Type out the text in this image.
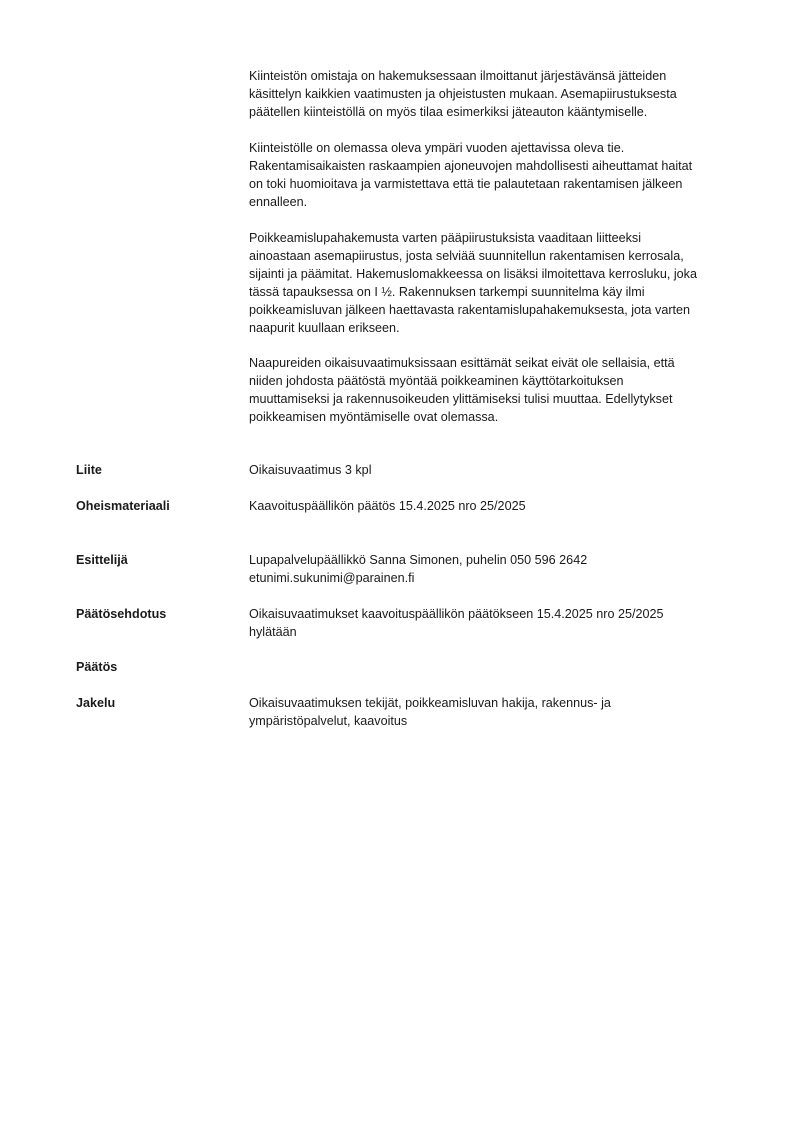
Kiinteistön omistaja on hakemuksessaan ilmoittanut järjestävänsä jätteiden
käsittelyn kaikkien vaatimusten ja ohjeistusten mukaan. Asemapiirustuksesta
päätellen kiinteistöllä on myös tilaa esimerkiksi jäteauton kääntymiselle.

Kiinteistölle on olemassa oleva ympäri vuoden ajettavissa oleva tie.
Rakentamisaikaisten raskaampien ajoneuvojen mahdollisesti aiheuttamat haitat
on toki huomioitava ja varmistettava että tie palautetaan rakentamisen jälkeen
ennalleen.

Poikkeamislupahakemusta varten pääpiirustuksista vaaditaan liitteeksi
ainoastaan asemapiirustus, josta selviää suunnitellun rakentamisen kerrosala,
sijainti ja päämitat. Hakemuslomakkeessa on lisäksi ilmoitettava kerrosluku, joka
tässä tapauksessa on I ½. Rakennuksen tarkempi suunnitelma käy ilmi
poikkeamisluvan jälkeen haettavasta rakentamislupahakemuksesta, jota varten
naapurit kuullaan erikseen.

Naapureiden oikaisuvaatimuksissaan esittämät seikat eivät ole sellaisia, että
niiden johdosta päätöstä myöntää poikkeaminen käyttötarkoituksen
muuttamiseksi ja rakennusoikeuden ylittämiseksi tulisi muuttaa. Edellytykset
poikkeamisen myöntämiselle ovat olemassa.

Liite	Oikaisuvaatimus 3 kpl

Oheismateriaali	Kaavoituspäällikön päätös 15.4.2025 nro 25/2025

Esittelijä	Lupapalvelupäällikkö Sanna Simonen, puhelin 050 596 2642
etunimi.sukunimi@parainen.fi

Päätösehdotus	Oikaisuvaatimukset kaavoituspäällikön päätökseen 15.4.2025 nro 25/2025
hylätään

Päätös

Jakelu	Oikaisuvaatimuksen tekijät, poikkeamisluvan hakija, rakennus- ja
ympäristöpalvelut, kaavoitus
